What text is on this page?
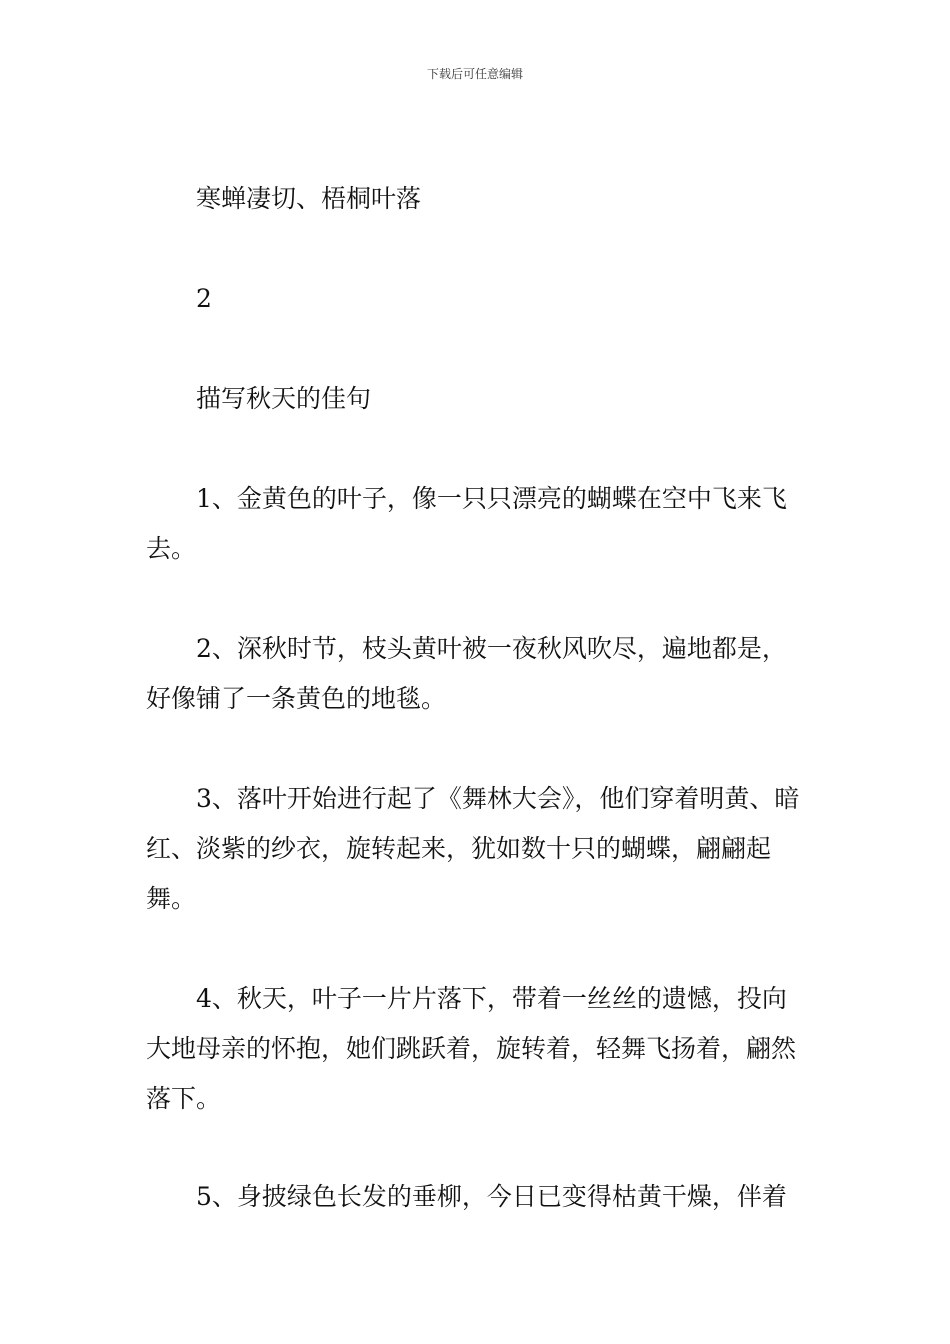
下载后可任意编辑

寒蝉凄切、梧桐叶落

2

描写秋天的佳句

1、金黄色的叶子，像一只只漂亮的蝴蝶在空中飞来飞去。

2、深秋时节，枝头黄叶被一夜秋风吹尽，遍地都是，好像铺了一条黄色的地毯。

3、落叶开始进行起了《舞林大会》，他们穿着明黄、暗红、淡紫的纱衣，旋转起来，犹如数十只的蝴蝶，翩翩起舞。

4、秋天，叶子一片片落下，带着一丝丝的遗憾，投向大地母亲的怀抱，她们跳跃着，旋转着，轻舞飞扬着，翩然落下。

5、身披绿色长发的垂柳，今日已变得枯黄干燥，伴着
